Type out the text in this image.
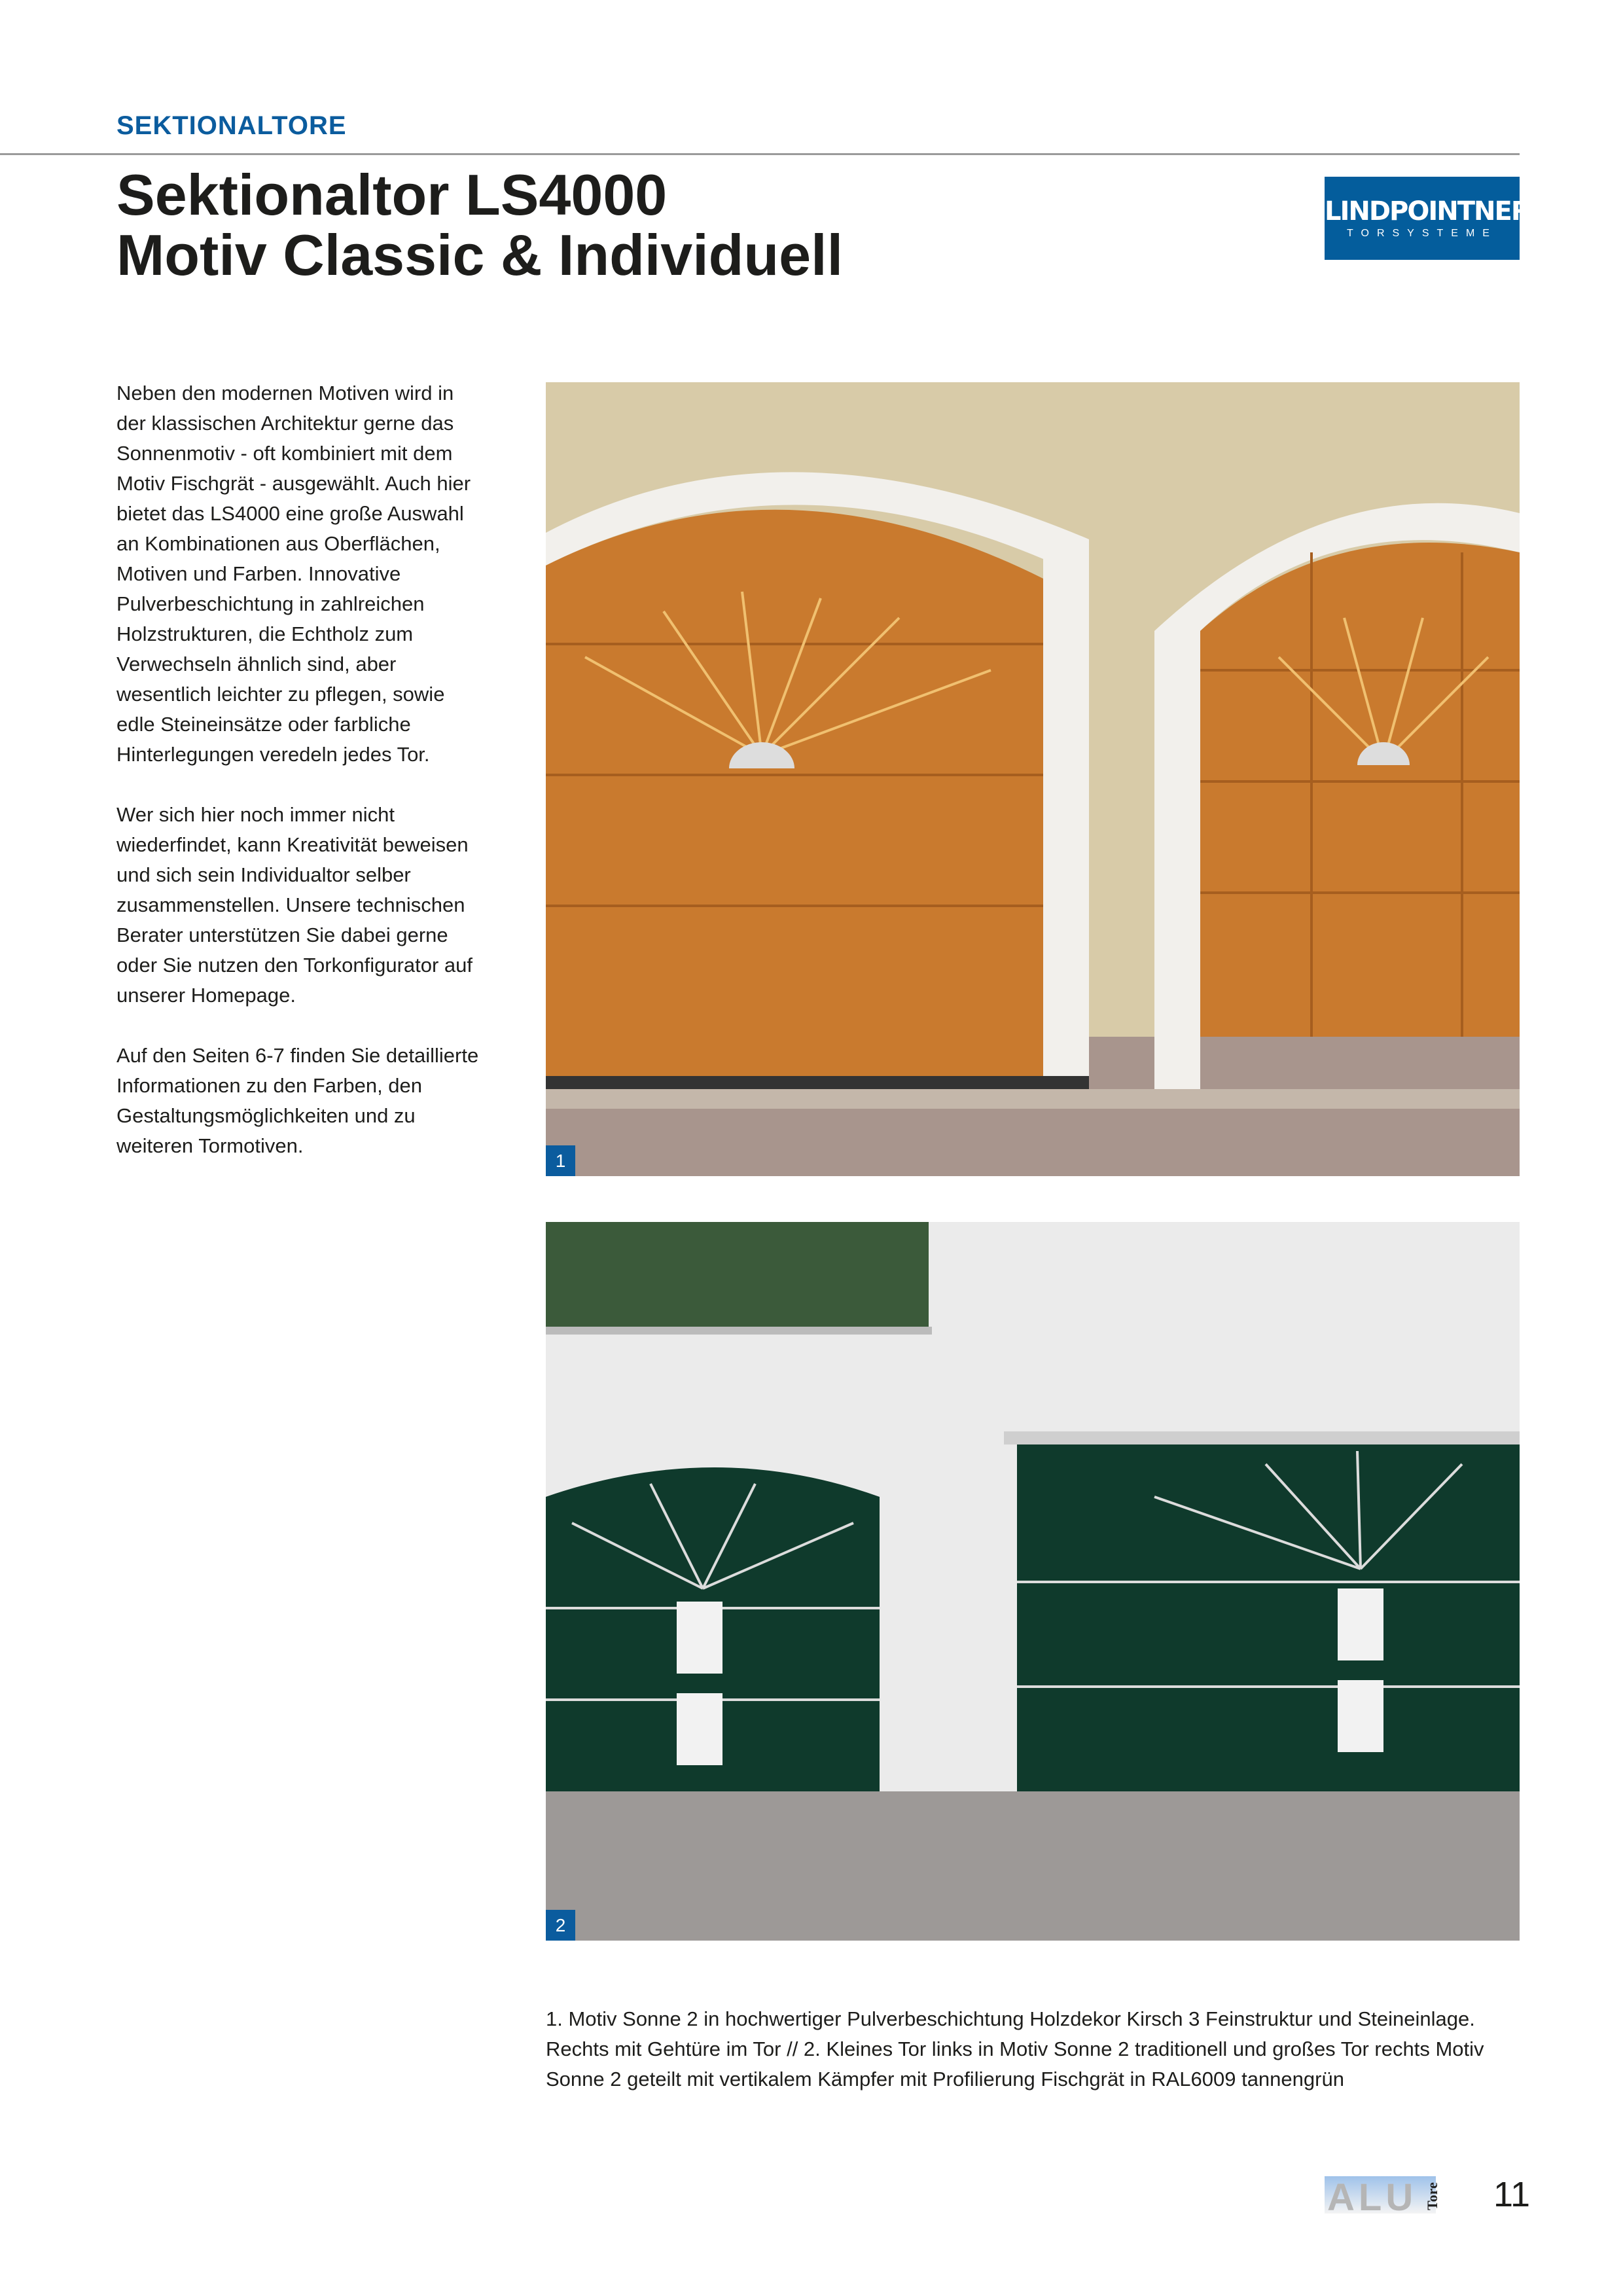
SEKTIONALTORE
Sektionaltor LS4000
Motiv Classic & Individuell
LINDPOINTNER
TORSYSTEME

Neben den modernen Motiven wird in der klassischen Architektur gerne das Sonnenmotiv - oft kombiniert mit dem Motiv Fischgrät - ausgewählt. Auch hier bietet das LS4000 eine große Auswahl an Kombinationen aus Oberflächen, Motiven und Farben. Innovative Pulverbeschichtung in zahlreichen Holzstrukturen, die Echtholz zum Verwechseln ähnlich sind, aber wesentlich leichter zu pflegen, sowie edle Steineinsätze oder farbliche Hinterlegungen veredeln jedes Tor.

Wer sich hier noch immer nicht wiederfindet, kann Kreativität beweisen und sich sein Individualtor selber zusammenstellen. Unsere technischen Berater unterstützen Sie dabei gerne oder Sie nutzen den Torkonfigurator auf unserer Homepage.

Auf den Seiten 6-7 finden Sie detaillierte Informationen zu den Farben, den Gestaltungsmöglichkeiten und zu weiteren Tormotiven.

1
2
1. Motiv Sonne 2 in hochwertiger Pulverbeschichtung Holzdekor Kirsch 3 Feinstruktur und Steineinlage. Rechts mit Gehtüre im Tor // 2. Kleines Tor links in Motiv Sonne 2 traditionell und großes Tor rechts Motiv Sonne 2 geteilt mit vertikalem Kämpfer mit Profilierung Fischgrät in RAL6009 tannengrün
ALU Tore 11
